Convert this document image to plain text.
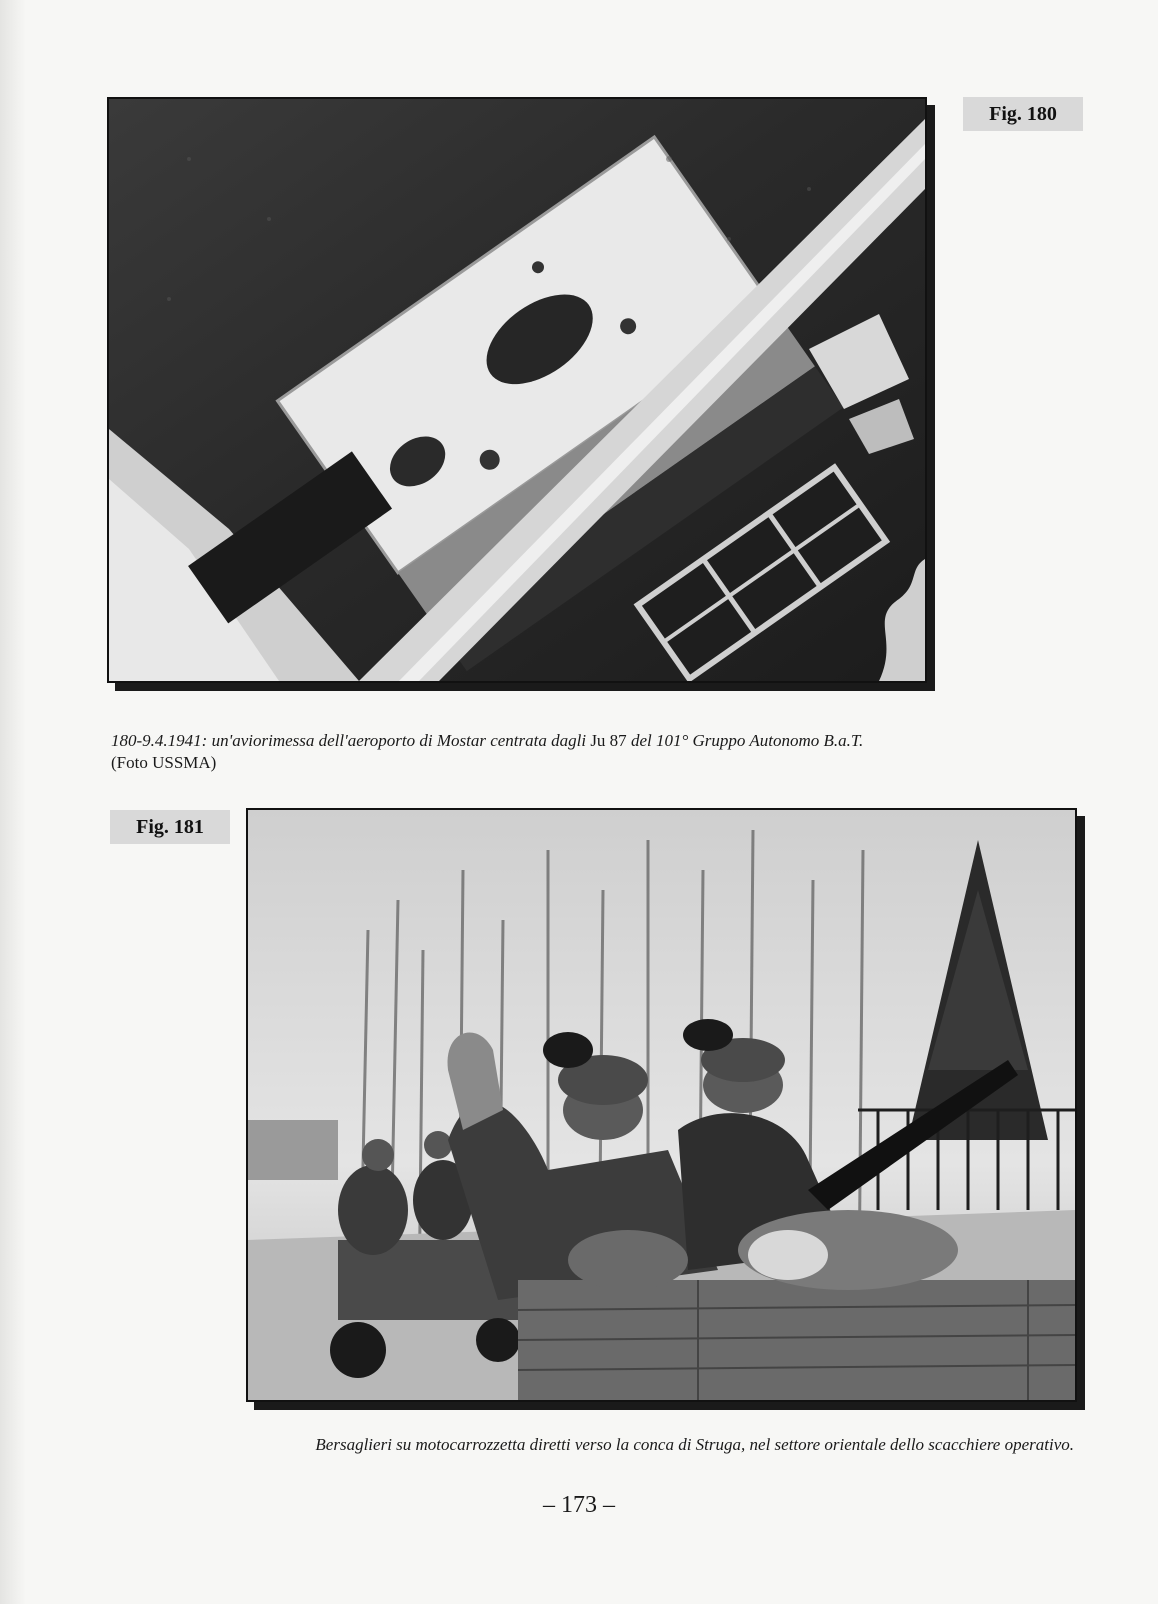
Fig. 180
180-9.4.1941: un'aviorimessa dell'aeroporto di Mostar centrata dagli Ju 87 del 101° Gruppo Autonomo B.a.T.
(Foto USSMA)
Fig. 181
Bersaglieri su motocarrozzetta diretti verso la conca di Struga, nel settore orientale dello scacchiere operativo.
– 173 –
